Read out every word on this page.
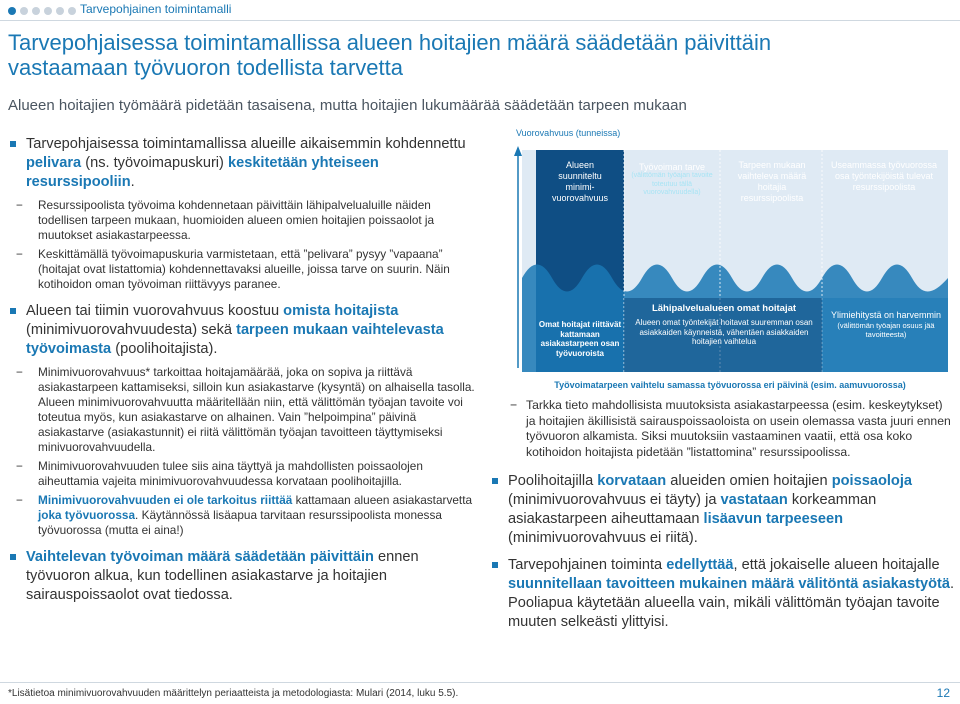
Tarvepohjainen toimintamalli
Tarvepohjaisessa toimintamallissa alueen hoitajien määrä säädetään päivittäin
vastaamaan työvuoron todellista tarvetta
Alueen hoitajien työmäärä pidetään tasaisena, mutta hoitajien lukumäärää säädetään tarpeen mukaan
Tarvepohjaisessa toimintamallissa alueille aikaisemmin kohdennettu pelivara (ns. työvoimapuskuri) keskitetään yhteiseen resurssipooliin.
− Resurssipoolista työvoima kohdennetaan päivittäin lähipalvelualuille näiden todellisen tarpeen mukaan, huomioiden alueen omien hoitajien poissaolot ja muutokset asiakastarpeessa.
− Keskittämällä työvoimapuskuria varmistetaan, että ”pelivara” pysyy ”vapaana” (hoitajat ovat listattomia) kohdennettavaksi alueille, joissa tarve on suurin. Näin kotihoidon oman työvoiman riittävyys paranee.
Alueen tai tiimin vuorovahvuus koostuu omista hoitajista (minimivuorovahvuudesta) sekä tarpeen mukaan vaihtelevasta työvoimasta (poolihoitajista).
− Minimivuorovahvuus* tarkoittaa hoitajamäärää, joka on sopiva ja riittävä asiakastarpeen kattamiseksi, silloin kun asiakastarve (kysyntä) on alhaisella tasolla. Alueen minimivuorovahvuutta määritellään niin, että välittömän työajan tavoite voi toteutua myös, kun asiakastarve on alhainen. Vain ”helpoimpina” päivinä asiakastarve (asiakastunnit) ei riitä välittömän työajan tavoitteen täyttymiseksi minivuorovahvuudella.
− Minimivuorovahvuuden tulee siis aina täyttyä ja mahdollisten poissaolojen aiheuttamia vajeita minimivuorovahvuudessa korvataan poolihoitajilla.
− Minimivuorovahvuuden ei ole tarkoitus riittää kattamaan alueen asiakastarvetta joka työvuorossa. Käytännössä lisäapua tarvitaan resurssipoolista monessa työvuorossa (mutta ei aina!)
Vaihtelevan työvoiman määrä säädetään päivittäin ennen työvuoron alkua, kun todellinen asiakastarve ja hoitajien sairauspoissaolot ovat tiedossa.
Vuorovahvuus (tunneissa)
Alueen suunniteltu minimi-vuorovahvuus
Työvoiman tarve
(välittömän työajan tavoite toteutuu tällä vuorovahvuudella)
Tarpeen mukaan vaihteleva määrä hoitajia resurssipoolista
Useammassa työvuorossa osa työntekijöistä tulevat resurssipoolista
Omat hoitajat riittävät kattamaan asiakastarpeen osan työvuoroista
Lähipalvelualueen omat hoitajat
Alueen omat työntekijät hoitavat suuremman osan asiakkaiden käynneistä, vähentäen asiakkaiden hoitajien vaihtelua
Ylimiehitystä on harvemmin
(välittömän työajan osuus jää tavoitteesta)
Työvoimatarpeen vaihtelu samassa työvuorossa eri päivinä (esim. aamuvuorossa)
− Tarkka tieto mahdollisista muutoksista asiakastarpeessa (esim. keskeytykset) ja hoitajien äkillisistä sairauspoissaoloista on usein olemassa vasta juuri ennen työvuoron alkamista. Siksi muutoksiin vastaaminen vaatii, että osa koko kotihoidon hoitajista pidetään ”listattomina” resurssipoolissa.
Poolihoitajilla korvataan alueiden omien hoitajien poissaoloja (minimivuorovahvuus ei täyty) ja vastataan korkeamman asiakastarpeen aiheuttamaan lisäavun tarpeeseen (minimivuorovahvuus ei riitä).
Tarvepohjainen toiminta edellyttää, että jokaiselle alueen hoitajalle suunnitellaan tavoitteen mukainen määrä välitöntä asiakastyötä. Pooliapua käytetään alueella vain, mikäli välittömän työajan tavoite muuten selkeästi ylittyisi.
*Lisätietoa minimivuorovahvuuden määrittelyn periaatteista ja metodologiasta: Mulari (2014, luku 5.5).	12
